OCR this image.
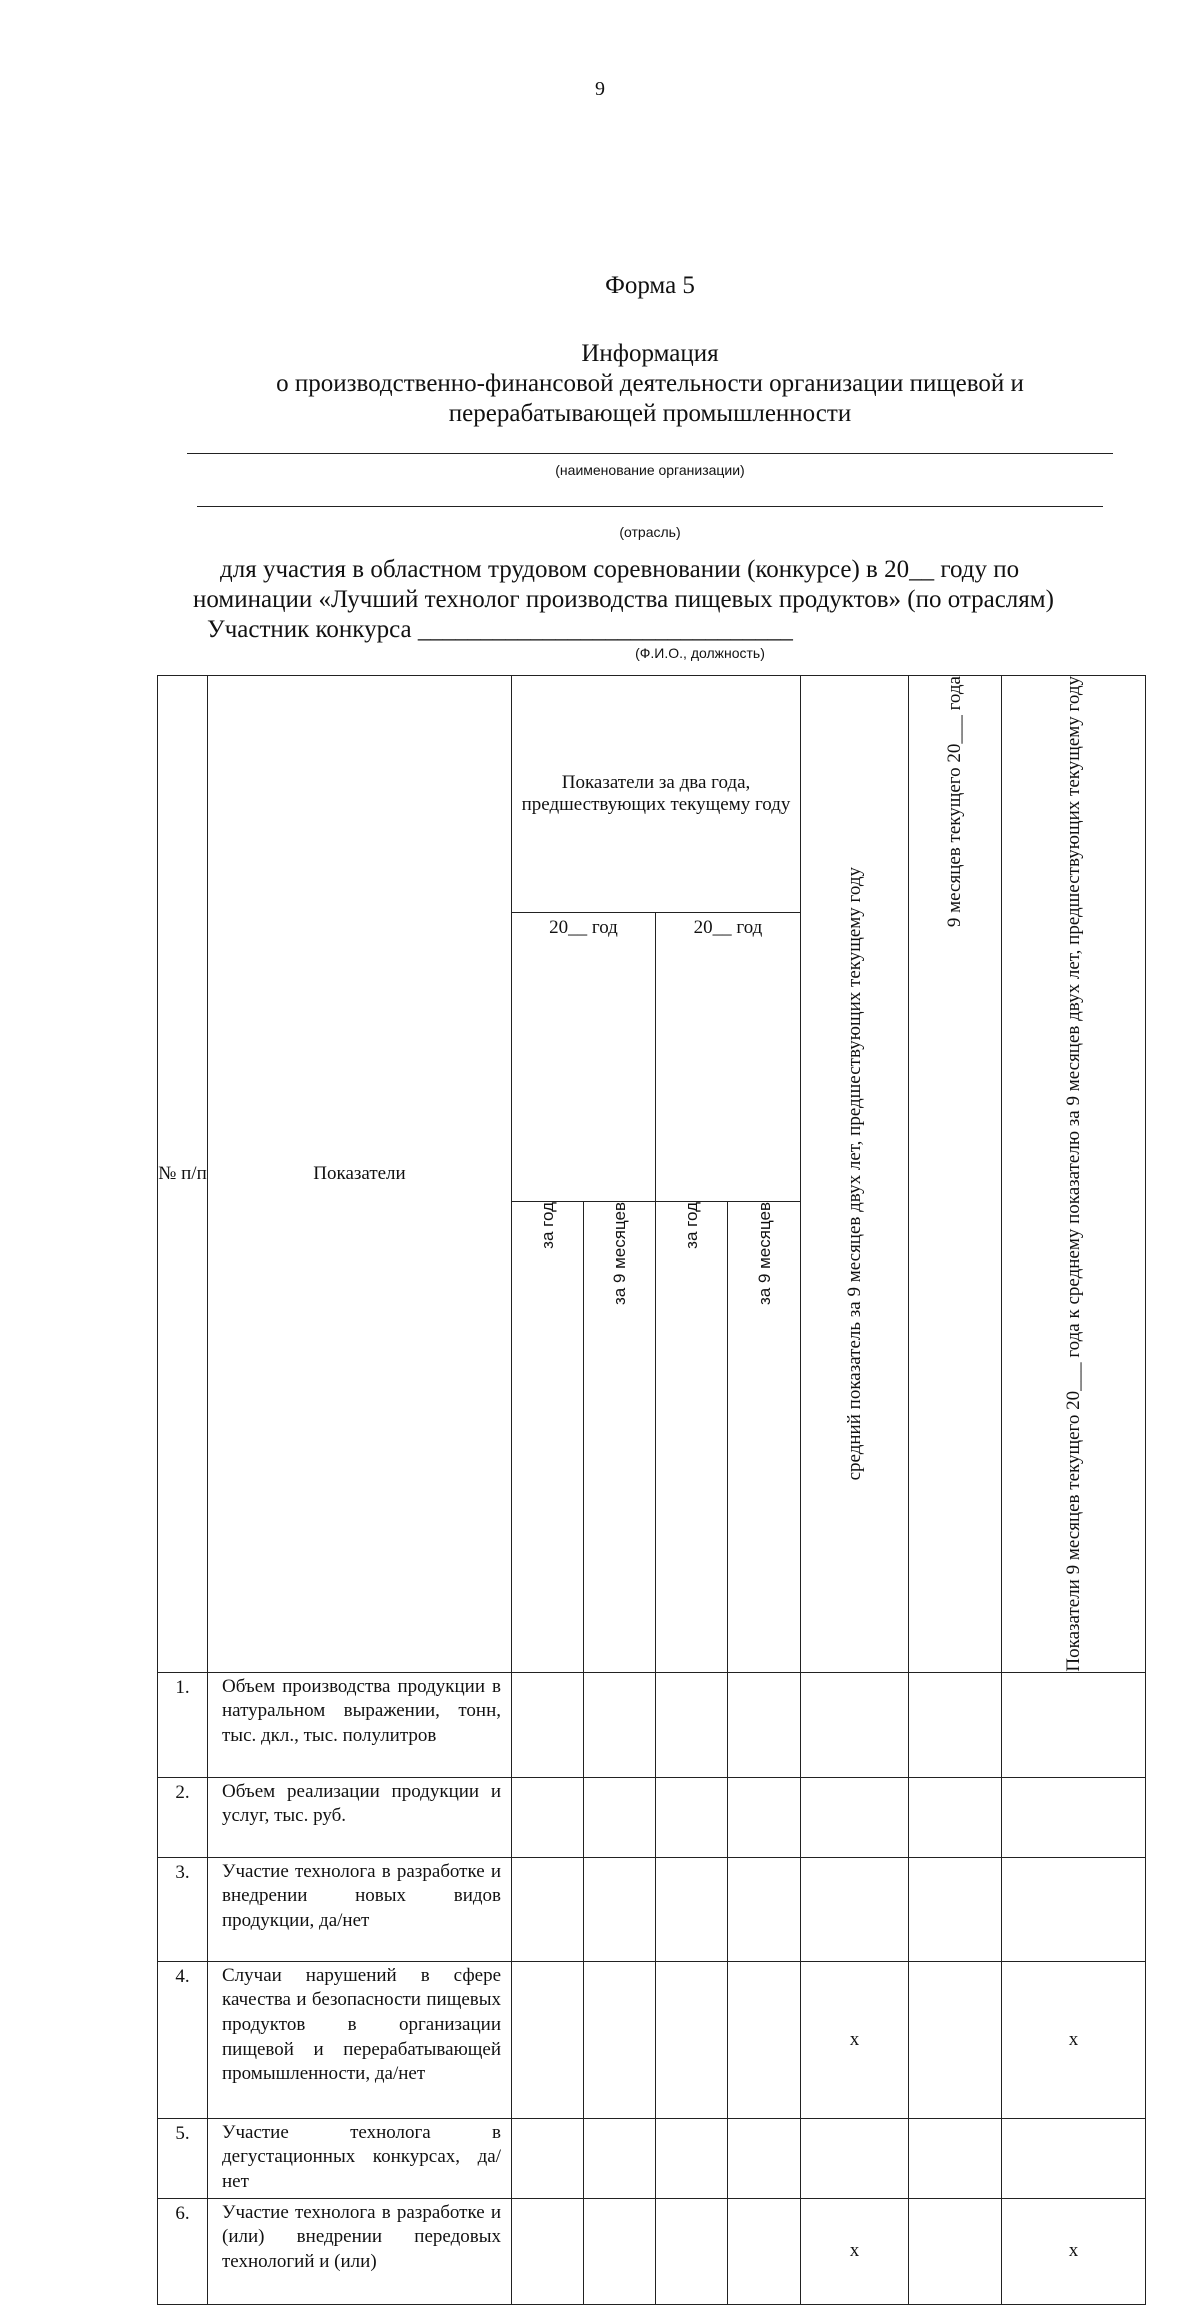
9
Форма 5
Информация
о производственно-финансовой деятельности организации пищевой и
перерабатывающей промышленности
(наименование организации)
(отрасль)
для участия в областном трудовом соревновании (конкурсе) в 20__ году по
номинации «Лучший технолог производства пищевых продуктов» (по отраслям)
Участник конкурса ______________________________
(Ф.И.О., должность)
№ п/п	Показатели	Показатели за два года, предшествующих текущему году				средний показатель за 9 месяцев двух лет, предшествующих текущему году	9 месяцев текущего 20___ года	Показатели 9 месяцев текущего 20___ года к среднему показателю за 9 месяцев двух лет, предшествующих текущему году

		20__ год		20__ год				

		за год	за 9 месяцев	за год	за 9 месяцев			

1.	Объем производства продукции в натуральном выражении, тонн, тыс. дкл., тыс. полулитров							
2.	Объем реализации продукции и услуг, тыс. руб.							
3.	Участие технолога в разработке и внедрении новых видов продукции, да/нет							
4.	Случаи нарушений в сфере качества и безопасности пищевых продуктов в организации пищевой и перерабатывающей промышленности, да/нет					х		х
5.	Участие технолога в дегустационных конкурсах, да/нет							
6.	Участие технолога в разработке и (или) внедрении передовых технологий и (или)					х		х
